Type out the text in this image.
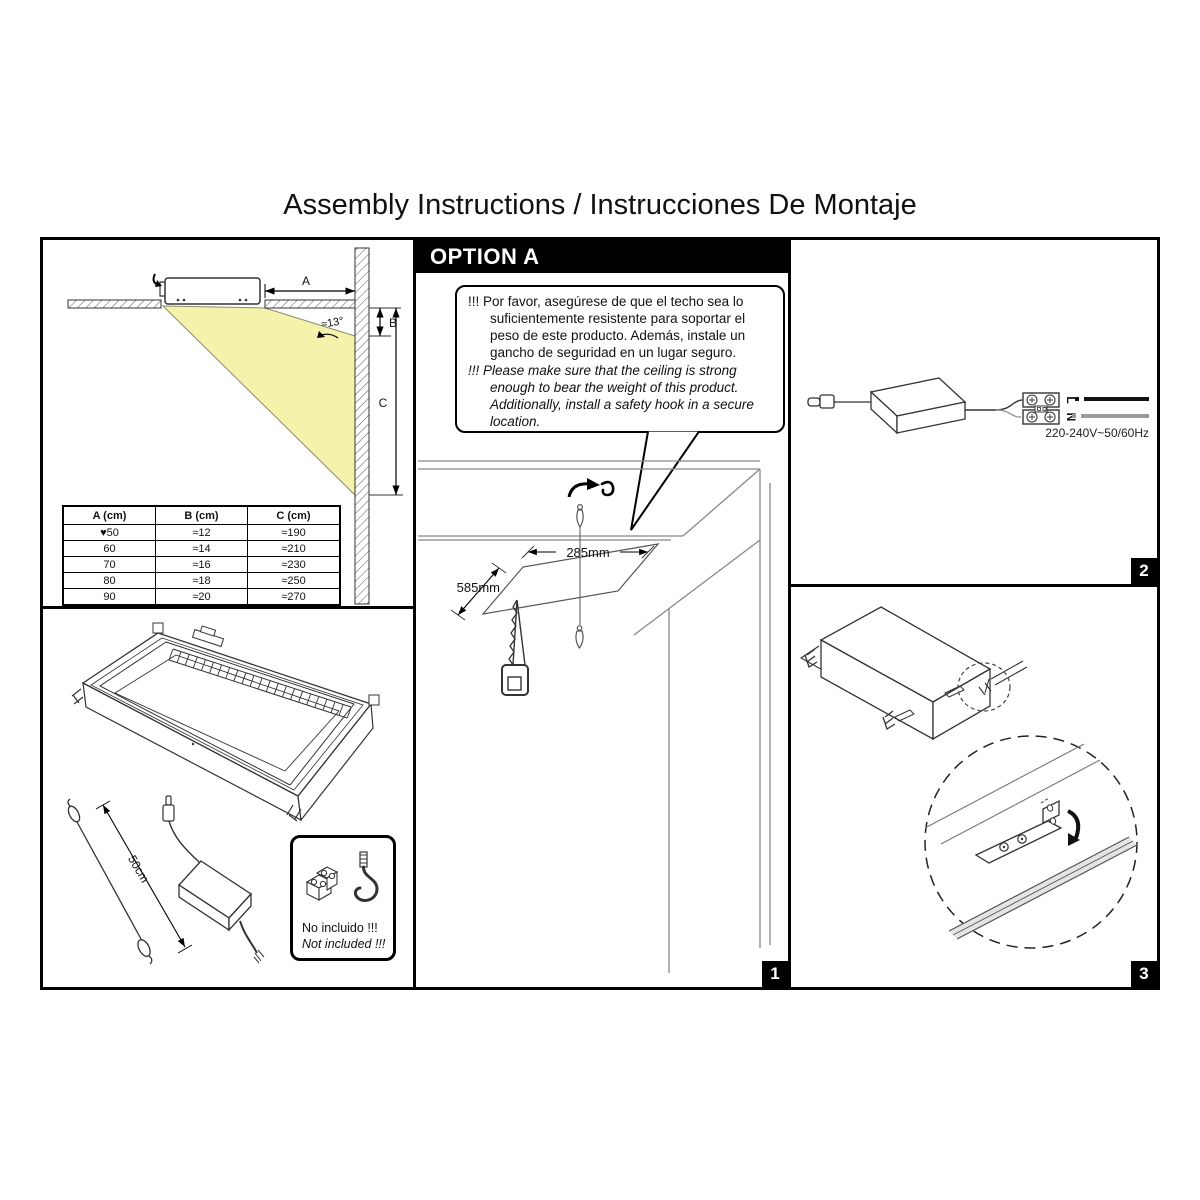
Assembly Instructions / Instrucciones De Montaje
A
≈13°	B
C
A (cm)	B (cm)	C (cm)
♥50	≈12	≈190
60	≈14	≈210
70	≈16	≈230
80	≈18	≈250
90	≈20	≈270
50cm
No incluido !!!
Not included !!!
OPTION A

!!! Por favor, asegúrese de que el techo sea lo suficientemente resistente para soportar el peso de este producto. Además, instale un gancho de seguridad en un lugar seguro.

!!! Please make sure that the ceiling is strong enough to bear the weight of this product. Additionally, install a safety hook in a secure location.

285mm
585mm
1
L
N
220-240V~50/60Hz
2
3
